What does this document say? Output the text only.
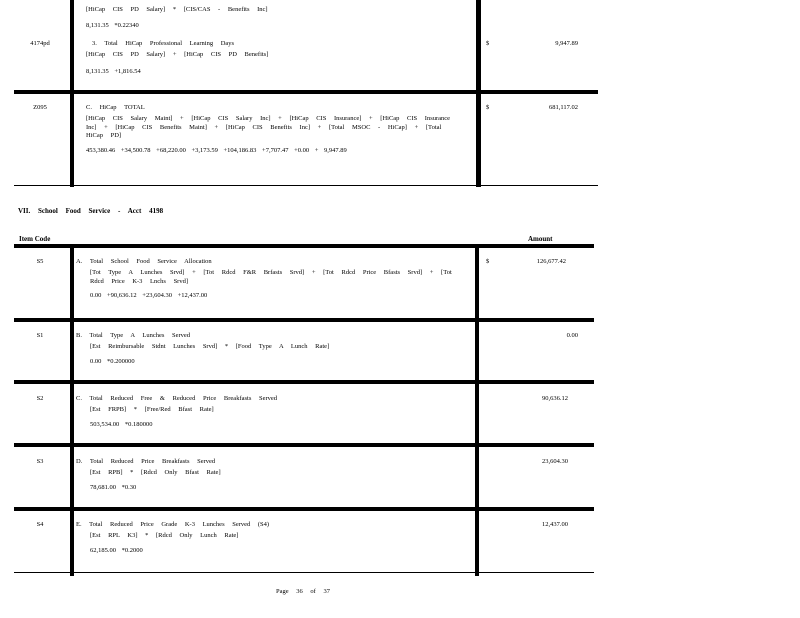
[HiCap CIS PD Salary] * [CIS/CAS - Benefits Inc]
8,131.35 *0.22340
4174pd	3. Total HiCap Professional Learning Days
[HiCap CIS PD Salary] + [HiCap CIS PD Benefits]
8,131.35 +1,816.54
$	9,947.89
Z095	C. HiCap TOTAL
[HiCap CIS Salary Maint] + [HiCap CIS Salary Inc] + [HiCap CIS Insurance] + [HiCap CIS Insurance Inc] + [HiCap CIS Benefits Maint] + [HiCap CIS Benefits Inc] + [Total MSOC - HiCap] + [Total HiCap PD]
453,380.46 +34,500.78 +68,220.00 +3,173.59 +104,186.83 +7,707.47 +0.00 + 9,947.89
$	681,117.02
VII. School Food Service - Acct 4198
Item Code	Amount
S5	A. Total School Food Service Allocation
[Tot Type A Lunches Srvd] + [Tot Rdcd F&R Brfasts Srvd] + [Tot Rdcd Price Bfasts Srvd] + [Tot Rdcd Price K-3 Lnchs Srvd]
0.00 +90,636.12 +23,604.30 +12,437.00
$	126,677.42
S1	B. Total Type A Lunches Served
[Est Reimbursable Stdnt Lunches Srvd] * [Food Type A Lunch Rate]
0.00 *0.200000
0.00
S2	C. Total Reduced Free & Reduced Price Breakfasts Served
[Est FRPB] * [Free/Red Bfast Rate]
503,534.00 *0.180000
90,636.12
S3	D. Total Reduced Price Breakfasts Served
[Est RPB] * [Rdcd Only Bfast Rate]
78,681.00 *0.30
23,604.30
S4	E. Total Reduced Price Grade K-3 Lunches Served (S4)
[Est RPL K3] * [Rdcd Only Lunch Rate]
62,185.00 *0.2000
12,437.00
Page 36 of 37
